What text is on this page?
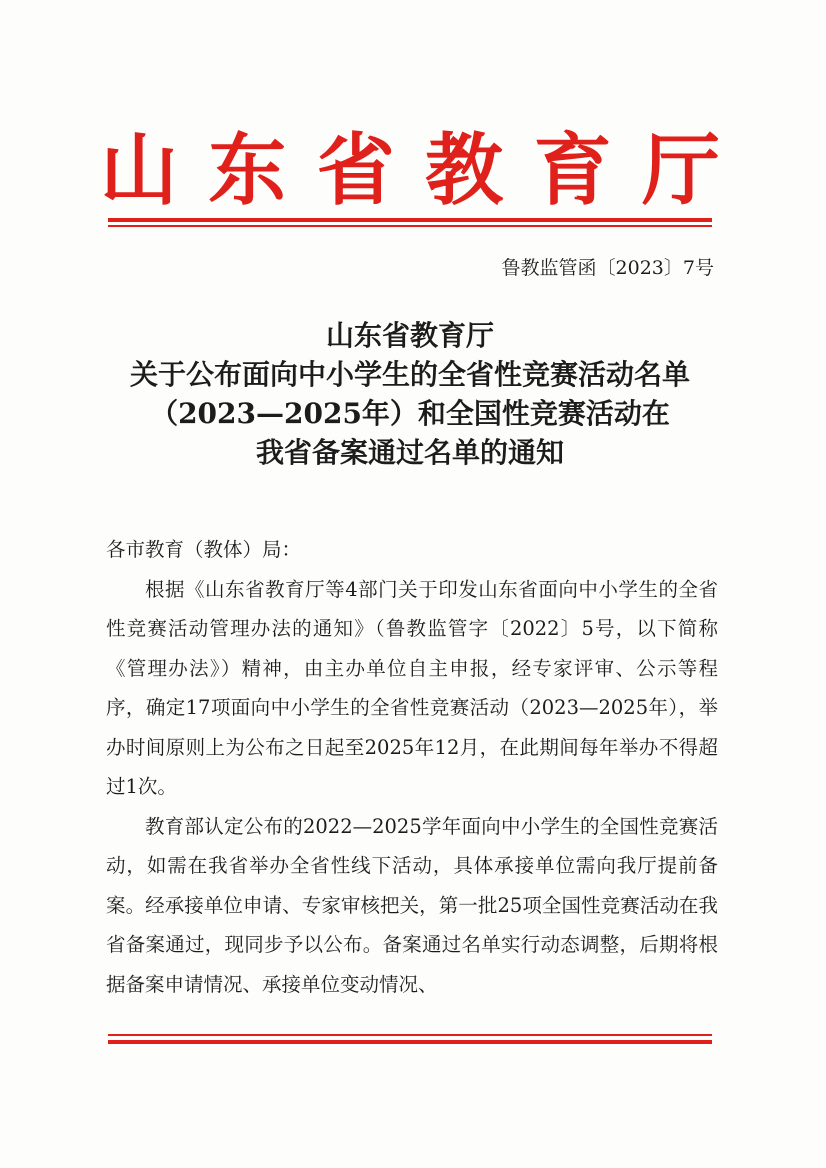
山 东 省 教 育 厅
鲁教监管函〔2023〕7号
山东省教育厅
关于公布面向中小学生的全省性竞赛活动名单
（2023—2025年）和全国性竞赛活动在
我省备案通过名单的通知
各市教育（教体）局：

根据《山东省教育厅等4部门关于印发山东省面向中小学生的全省性竞赛活动管理办法的通知》（鲁教监管字〔2022〕5号，以下简称《管理办法》）精神，由主办单位自主申报，经专家评审、公示等程序，确定17项面向中小学生的全省性竞赛活动（2023—2025年），举办时间原则上为公布之日起至2025年12月，在此期间每年举办不得超过1次。

教育部认定公布的2022—2025学年面向中小学生的全国性竞赛活动，如需在我省举办全省性线下活动，具体承接单位需向我厅提前备案。经承接单位申请、专家审核把关，第一批25项全国性竞赛活动在我省备案通过，现同步予以公布。备案通过名单实行动态调整，后期将根据备案申请情况、承接单位变动情况、
